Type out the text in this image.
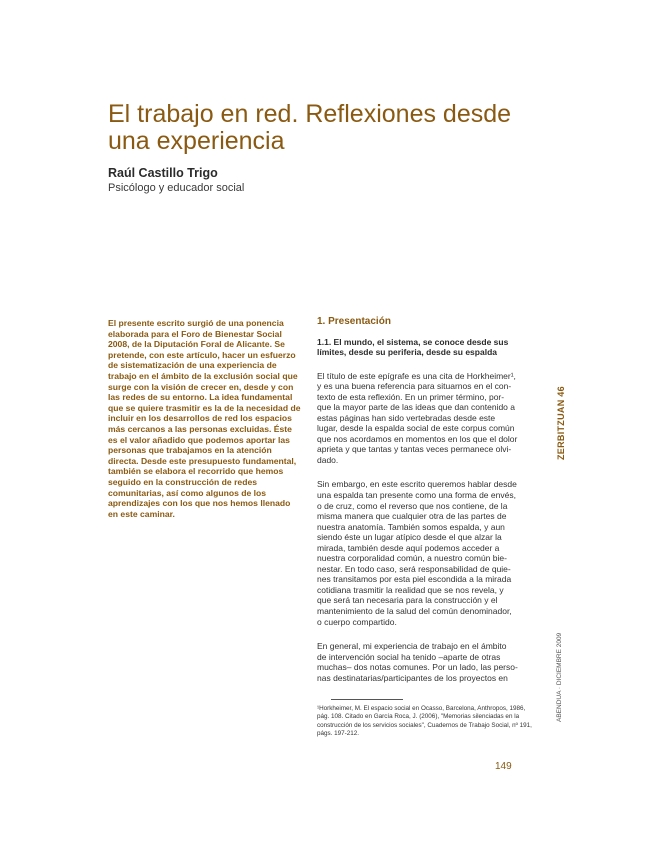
El trabajo en red. Reflexiones desde una experiencia
Raúl Castillo Trigo
Psicólogo y educador social

El presente escrito surgió de una ponencia elaborada para el Foro de Bienestar Social 2008, de la Diputación Foral de Alicante. Se pretende, con este artículo, hacer un esfuerzo de sistematización de una experiencia de trabajo en el ámbito de la exclusión social que surge con la visión de crecer en, desde y con las redes de su entorno. La idea fundamental que se quiere trasmitir es la de la necesidad de incluir en los desarrollos de red los espacios más cercanos a las personas excluidas. Éste es el valor añadido que podemos aportar las personas que trabajamos en la atención directa. Desde este presupuesto fundamental, también se elabora el recorrido que hemos seguido en la construcción de redes comunitarias, así como algunos de los aprendizajes con los que nos hemos llenado en este caminar.

1. Presentación
1.1. El mundo, el sistema, se conoce desde sus
límites, desde su periferia, desde su espalda

El título de este epígrafe es una cita de Horkheimer¹,

y es una buena referencia para situarnos en el con-

texto de esta reflexión. En un primer término, por-

que la mayor parte de las ideas que dan contenido a

estas páginas han sido vertebradas desde este

lugar, desde la espalda social de este corpus común

que nos acordamos en momentos en los que el dolor

aprieta y que tantas y tantas veces permanece olvi-

dado.

Sin embargo, en este escrito queremos hablar desde

una espalda tan presente como una forma de envés,

o de cruz, como el reverso que nos contiene, de la

misma manera que cualquier otra de las partes de

nuestra anatomía. También somos espalda, y aun

siendo éste un lugar atípico desde el que alzar la

mirada, también desde aquí podemos acceder a

nuestra corporalidad común, a nuestro común bie-

nestar. En todo caso, será responsabilidad de quie-

nes transitamos por esta piel escondida a la mirada

cotidiana trasmitir la realidad que se nos revela, y

que será tan necesaria para la construcción y el

mantenimiento de la salud del común denominador,

o cuerpo compartido.

En general, mi experiencia de trabajo en el ámbito

de intervención social ha tenido –aparte de otras

muchas– dos notas comunes. Por un lado, las perso-

nas destinatarias/participantes de los proyectos en

¹Horkheimer, M. El espacio social en Ocasso, Barcelona, Anthropos, 1986, pág. 108. Citado en García Roca, J. (2006), "Memorias silenciadas en la construcción de los servicios sociales", Cuadernos de Trabajo Social, nº 191, págs. 197-212.

149
ZERBITZUAN 46
ABENDUA · DICIEMBRE 2009
